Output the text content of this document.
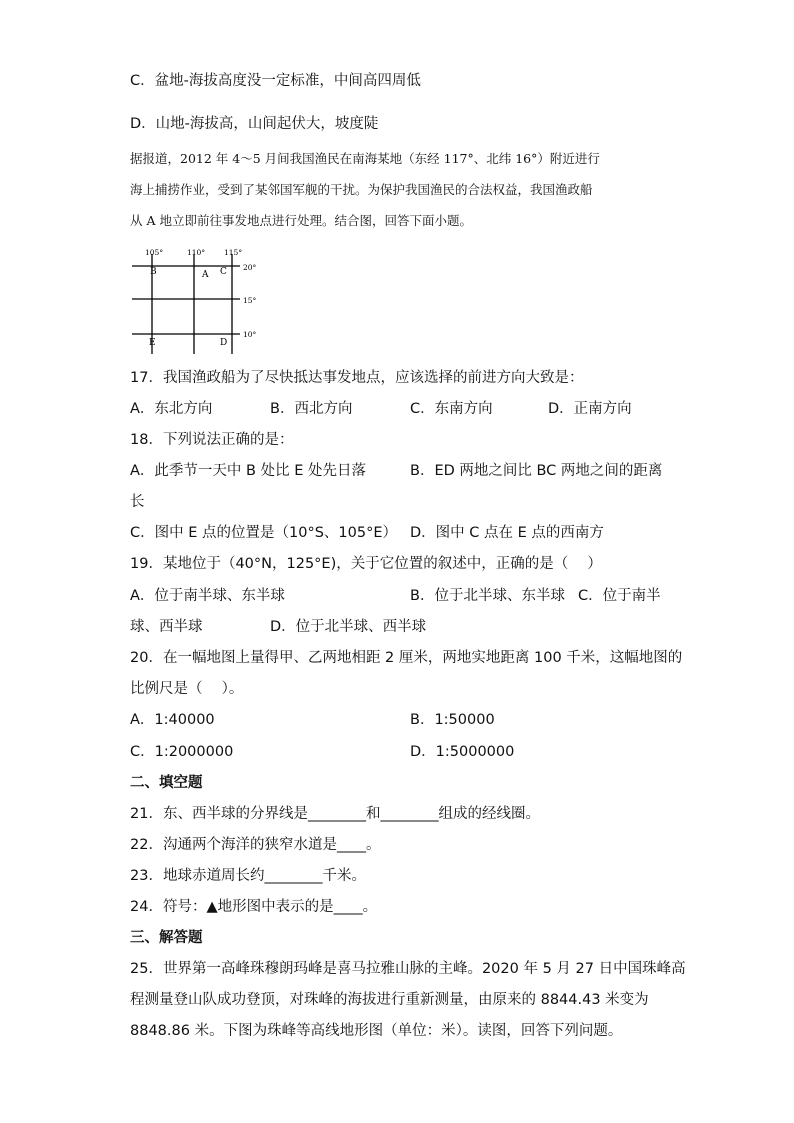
C．盆地-海拔高度没一定标准，中间高四周低
D．山地-海拔高，山间起伏大，坡度陡
据报道，2012 年 4～5 月间我国渔民在南海某地（东经 117°、北纬 16°）附近进行
海上捕捞作业，受到了某邻国军舰的干扰。为保护我国渔民的合法权益，我国渔政船
从 A 地立即前往事发地点进行处理。结合图，回答下面小题。
105°	110°	115°
20°
15°
10°
B	A C
E	D
17．我国渔政船为了尽快抵达事发地点，应该选择的前进方向大致是：
A．东北方向	B．西北方向	C．东南方向	D．正南方向
18．下列说法正确的是：
A．此季节一天中 B 处比 E 处先日落	B．ED 两地之间比 BC 两地之间的距离
长
C．图中 E 点的位置是（10°S、105°E） D．图中 C 点在 E 点的西南方
19．某地位于（40°N，125°E)，关于它位置的叙述中，正确的是（　 ）
A．位于南半球、东半球	B．位于北半球、东半球 C．位于南半
球、西半球	D．位于北半球、西半球
20．在一幅地图上量得甲、乙两地相距 2 厘米，两地实地距离 100 千米，这幅地图的
比例尺是（　 ）。
A．1:40000	B．1:50000
C．1:2000000	D．1:5000000
二、填空题
21．东、西半球的分界线是________和________组成的经线圈。
22．沟通两个海洋的狭窄水道是____。
23．地球赤道周长约________千米。
24．符号：▲地形图中表示的是____。
三、解答题
25．世界第一高峰珠穆朗玛峰是喜马拉雅山脉的主峰。2020 年 5 月 27 日中国珠峰高
程测量登山队成功登顶，对珠峰的海拔进行重新测量，由原来的 8844.43 米变为
8848.86 米。下图为珠峰等高线地形图（单位：米）。读图，回答下列问题。
